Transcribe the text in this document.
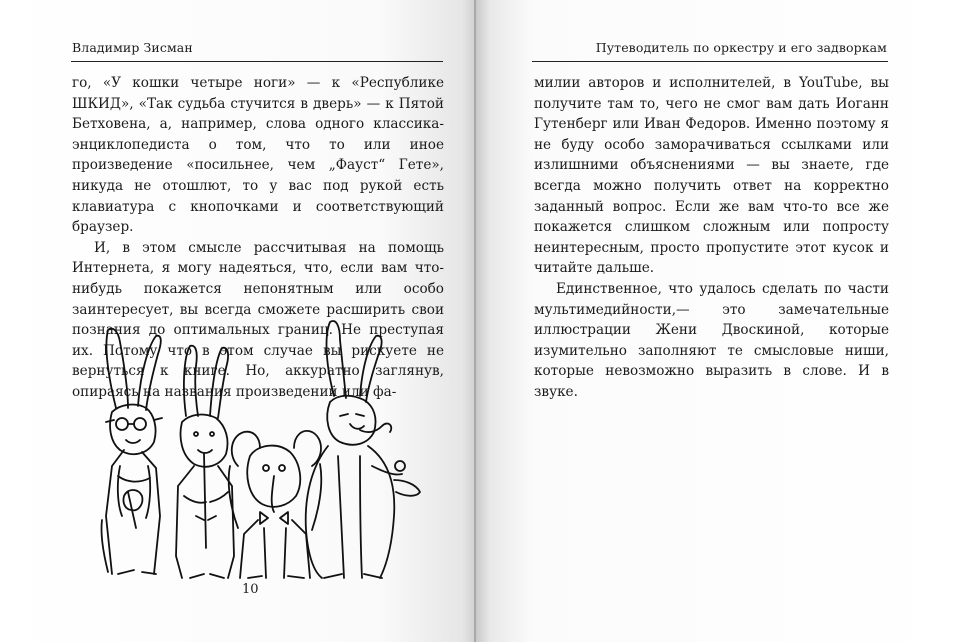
Владимир Зисман

го, «У кошки четыре ноги» — к «Республике ШКИД», «Так судьба стучится в дверь» — к Пятой Бетховена, а, например, слова одного классика-энциклопедиста о том, что то или иное произведение «посильнее, чем „Фауст“ Гете», никуда не отошлют, то у вас под рукой есть клавиатура с кнопочками и соответствующий браузер.

И, в этом смысле рассчитывая на помощь Интернета, я могу надеяться, что, если вам что-нибудь покажется непонятным или особо заинтересует, вы всегда сможете расширить свои познания до оптимальных границ. Не преступая их. Потому что в этом случае вы рискуете не вернуться к книге. Но, аккуратно заглянув, опираясь на названия произведений или фа-

10
Путеводитель по оркестру и его задворкам

милии авторов и исполнителей, в YouTube, вы получите там то, чего не смог вам дать Иоганн Гутенберг или Иван Федоров. Именно поэтому я не буду особо заморачиваться ссылками или излишними объяснениями — вы знаете, где всегда можно получить ответ на корректно заданный вопрос. Если же вам что-то все же покажется слишком сложным или попросту неинтересным, просто пропустите этот кусок и читайте дальше.

Единственное, что удалось сделать по части мультимедийности,— это замечательные иллюстрации Жени Двоскиной, которые изумительно заполняют те смысловые ниши, которые невозможно выразить в слове. И в звуке.
